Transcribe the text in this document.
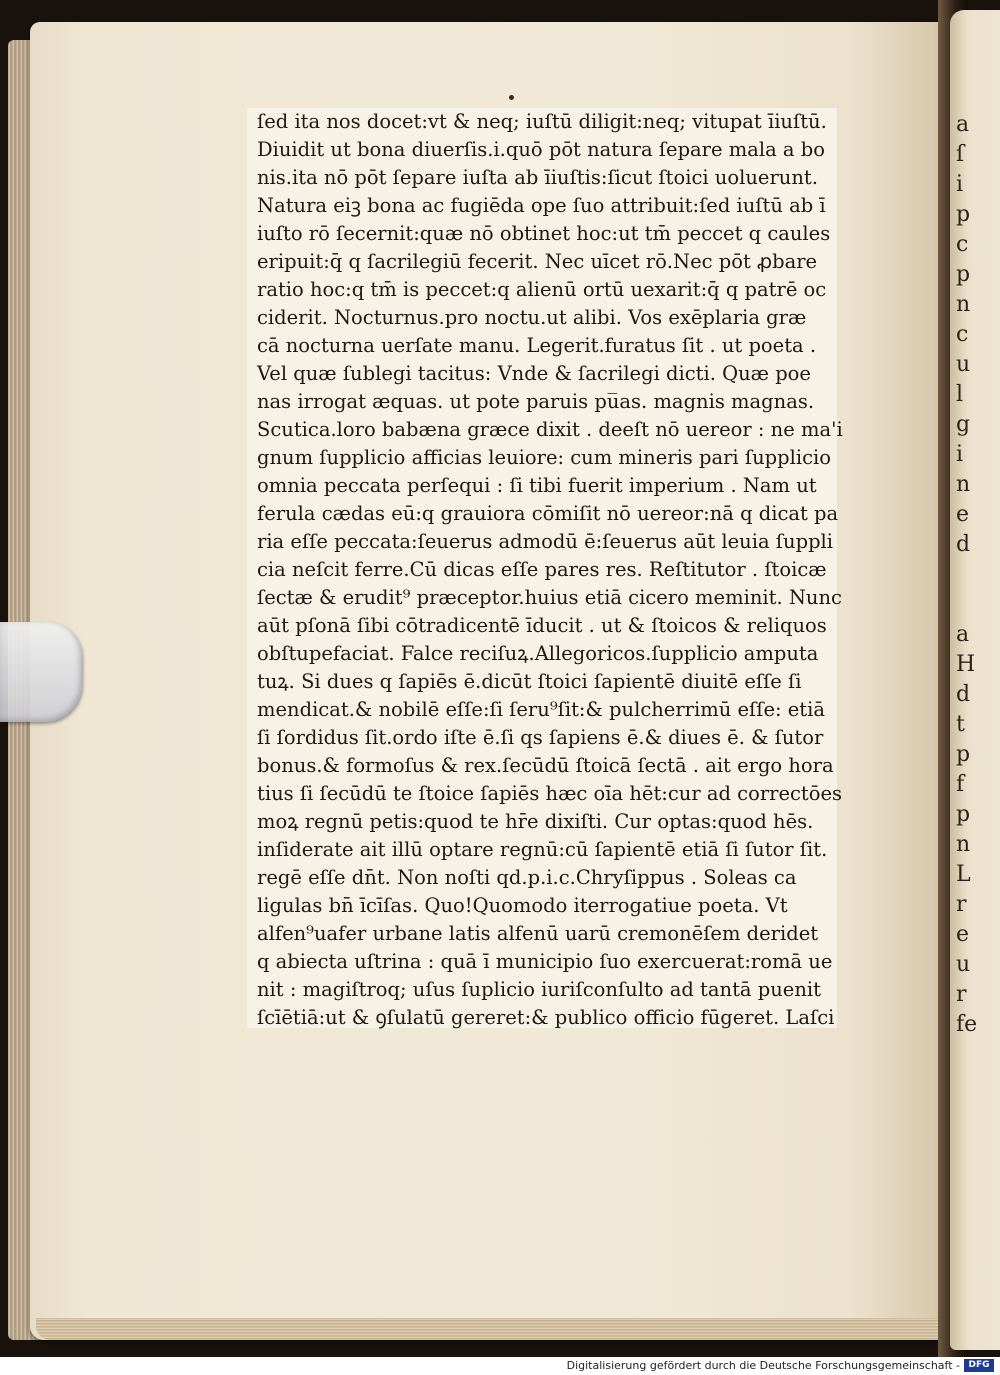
a
ſ
i
p
c
p
n
c
u
l
g
i
n
e
d
a
H
d
t
p
f
p
n
L
r
e
u
r
fe
ſed ita nos docet:vt & neq; iuſtū diligit:neq; vitupat īiuſtū.
Diuidit ut bona diuerſis.i.quō pōt natura ſepare mala a bo
nis.ita nō pōt ſepare iuſta ab īiuſtis:ſicut ſtoici uoluerunt.
Natura eiꝫ bona ac fugiēda ope ſuo attribuit:ſed iuſtū ab ī
iuſto rō ſecernit:quæ nō obtinet hoc:ut tm̄ peccet q caules
eripuit:q̄ q ſacrilegiū fecerit. Nec uīcet rō.Nec pōt ꝓbare
ratio hoc:q tm̄ is peccet:q alienū ortū uexarit:q̄ q patrē oc
ciderit. Nocturnus.pro noctu.ut alibi. Vos exēplaria græ
cā nocturna uerſate manu. Legerit.furatus ſit . ut poeta .
Vel quæ ſublegi tacitus: Vnde & ſacrilegi dicti. Quæ poe
nas irrogat æquas. ut pote paruis pu̅as. magnis magnas.
Scutica.loro babæna græce dixit . deeſt nō uereor : ne ma'i
gnum ſupplicio afficias leuiore: cum mineris pari ſupplicio
omnia peccata perſequi : ſi tibi fuerit imperium . Nam ut
ferula cædas eū:q grauiora cōmiſit nō uereor:nā q dicat pa
ria eſſe peccata:ſeuerus admodū ē:ſeuerus aūt leuia ſuppli
cia neſcit ferre.Cū dicas eſſe pares res. Reſtitutor . ſtoicæ
ſectæ & erudit⁹ præceptor.huius etiā cicero meminit. Nunc
aūt pſonā ſibi cōtradicentē īducit . ut & ſtoicos & reliquos
obſtupefaciat. Falce reciſuꝝ.Allegoricos.ſupplicio amputa
tuꝝ. Si dues q ſapiēs ē.dicūt ſtoici ſapientē diuitē eſſe ſi
mendicat.& nobilē eſſe:ſi ſeru⁹ſit:& pulcherrimū eſſe: etiā
ſi ſordidus ſit.ordo iſte ē.ſi qs ſapiens ē.& diues ē. & ſutor
bonus.& formoſus & rex.ſecūdū ſtoicā ſectā . ait ergo hora
tius ſi ſecūdū te ſtoice ſapiēs hæc oīa hēt:cur ad correctōes
moꝝ regnū petis:quod te hr̄e dixiſti. Cur optas:quod hēs.
inſiderate ait illū optare regnū:cū ſapientē etiā ſi ſutor ſit.
regē eſſe dn̄t. Non noſti qd.p.i.c.Chryſippus . Soleas ca
ligulas bn̄ īcīſas. Quo!Quomodo iterrogatiue poeta. Vt
alfen⁹uafer urbane latis alfenū uarū cremonēſem deridet
q abiecta uſtrina : quā ī municipio ſuo exercuerat:romā ue
nit : magiſtroq; uſus ſuplicio iuriſconſulto ad tantā puenit
ſcīētiā:ut & ꝯſulatū gereret:& publico officio fūgeret. Laſci
Digitalisierung gefördert durch die Deutsche Forschungsgemeinschaft - DFG
